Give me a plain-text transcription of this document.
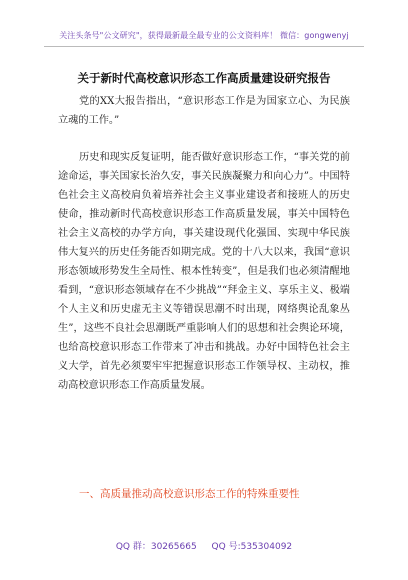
关注头条号"公文研究"，获得最新最全最专业的公文资料库！ 微信：gongwenyj
关于新时代高校意识形态工作高质量建设研究报告

党的XX大报告指出，“意识形态工作是为国家立心、为民族立魂的工作。”

历史和现实反复证明，能否做好意识形态工作，“事关党的前途命运，事关国家长治久安，事关民族凝聚力和向心力”。中国特色社会主义高校肩负着培养社会主义事业建设者和接班人的历史使命，推动新时代高校意识形态工作高质量发展，事关中国特色社会主义高校的办学方向，事关建设现代化强国、实现中华民族伟大复兴的历史任务能否如期完成。党的十八大以来，我国“意识形态领域形势发生全局性、根本性转变”，但是我们也必须清醒地看到，“意识形态领域存在不少挑战”“拜金主义、享乐主义、极端个人主义和历史虚无主义等错误思潮不时出现，网络舆论乱象丛生”，这些不良社会思潮既严重影响人们的思想和社会舆论环境，也给高校意识形态工作带来了冲击和挑战。办好中国特色社会主义大学，首先必须要牢牢把握意识形态工作领导权、主动权，推动高校意识形态工作高质量发展。

一、高质量推动高校意识形态工作的特殊重要性

QQ 群：30265665 QQ 号:535304092
